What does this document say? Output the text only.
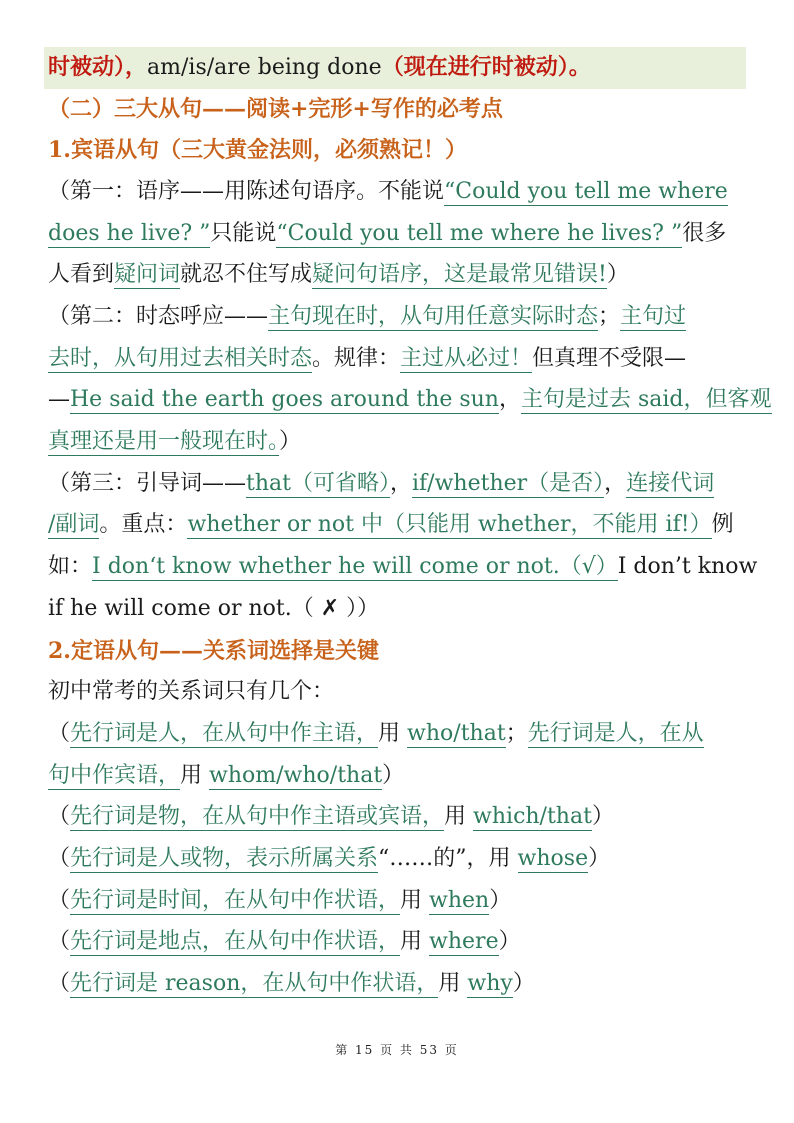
时被动），am/is/are being done（现在进行时被动）。
（二）三大从句——阅读+完形+写作的必考点
1.宾语从句（三大黄金法则，必须熟记！）
（第一：语序——用陈述句语序。不能说“Could you tell me where
does he live? ”只能说“Could you tell me where he lives? ”很多
人看到疑问词就忍不住写成疑问句语序，这是最常见错误!）
（第二：时态呼应——主句现在时，从句用任意实际时态；主句过
去时，从句用过去相关时态。规律：主过从必过！但真理不受限—
—He said the earth goes around the sun，主句是过去 said，但客观
真理还是用一般现在时。）
（第三：引导词——that（可省略），if/whether（是否），连接代词
/副词。重点：whether or not 中（只能用 whether，不能用 if!）例
如：I don‘t know whether he will come or not.（√）I don’t know
if he will come or not.（ ✗ ））
2.定语从句——关系词选择是关键
初中常考的关系词只有几个：
（先行词是人，在从句中作主语，用 who/that；先行词是人，在从
句中作宾语，用 whom/who/that）
（先行词是物，在从句中作主语或宾语，用 which/that）
（先行词是人或物，表示所属关系“……的”，用 whose）
（先行词是时间，在从句中作状语，用 when）
（先行词是地点，在从句中作状语，用 where）
（先行词是 reason，在从句中作状语，用 why）
第 15 页 共 53 页
